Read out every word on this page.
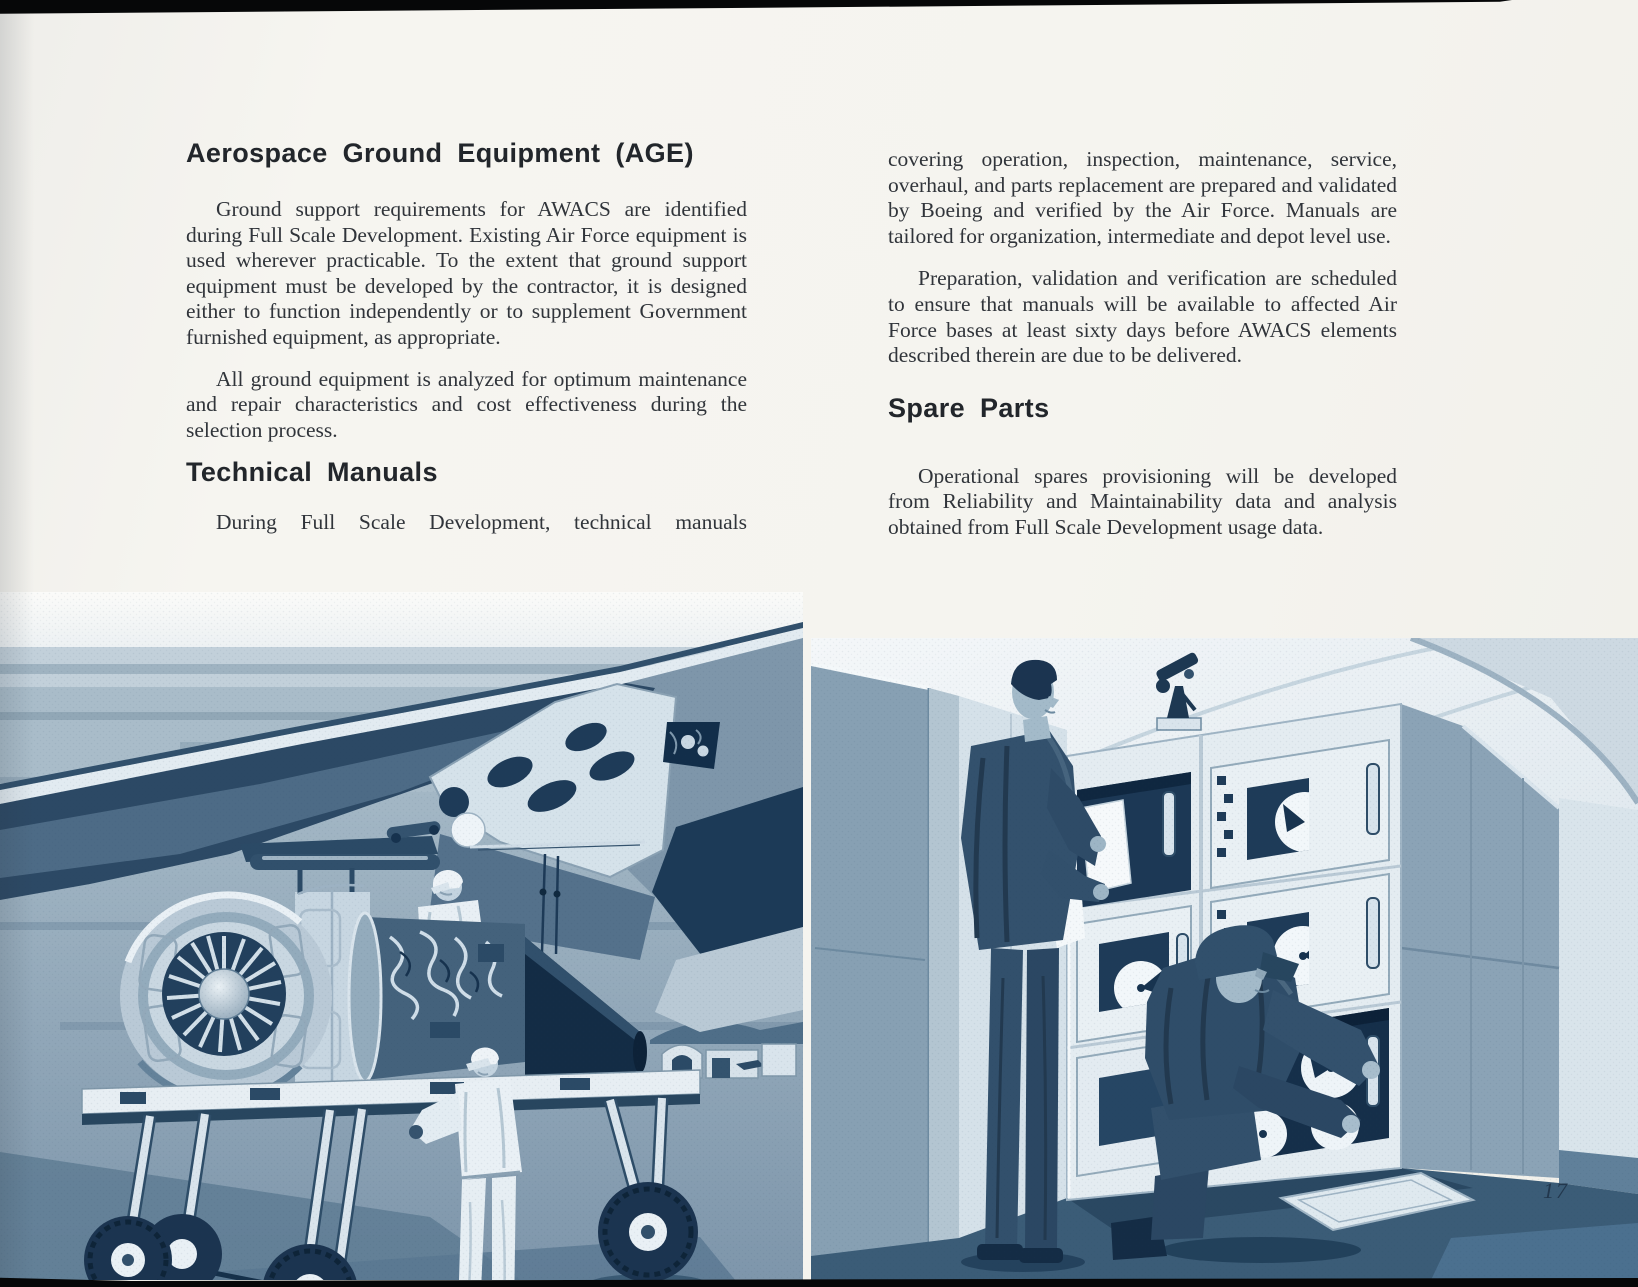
Aerospace Ground Equipment (AGE)

Ground support requirements for AWACS are identified during Full Scale Development. Existing Air Force equipment is used wherever practicable. To the extent that ground support equipment must be developed by the contractor, it is designed either to function independently or to supplement Government furnished equipment, as appropriate.

All ground equipment is analyzed for optimum maintenance and repair characteristics and cost effectiveness during the selection process.

Technical Manuals

During Full Scale Development, technical manuals

covering operation, inspection, maintenance, service, overhaul, and parts replacement are prepared and validated by Boeing and verified by the Air Force. Manuals are tailored for organization, intermediate and depot level use.

Preparation, validation and verification are scheduled to ensure that manuals will be available to affected Air Force bases at least sixty days before AWACS elements described therein are due to be delivered.

Spare Parts

Operational spares provisioning will be developed from Reliability and Maintainability data and analysis obtained from Full Scale Development usage data.

17
